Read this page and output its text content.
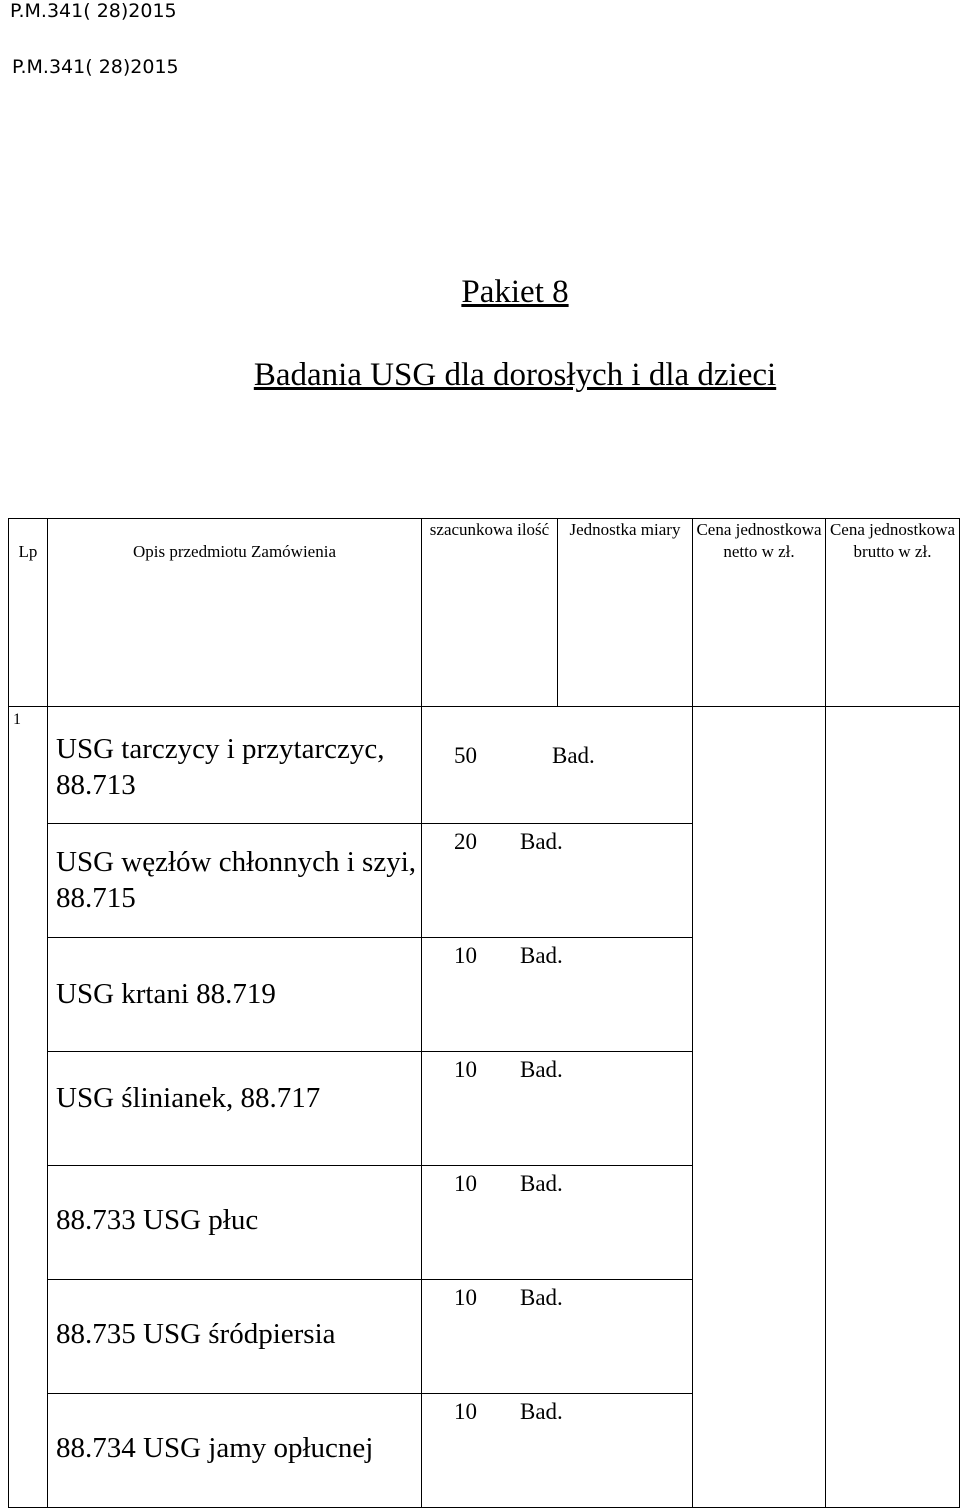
P.M.341( 28)2015
P.M.341( 28)2015
Pakiet 8
Badania USG dla dorosłych i dla dzieci
Lp	Opis przedmiotu Zamówienia	szacunkowa ilość	Jednostka miary	Cena jednostkowa netto w zł.	Cena jednostkowa brutto w zł.
1	USG tarczycy i przytarczyc, 88.713	50 Bad.			
	USG węzłów chłonnych i szyi, 88.715	20 Bad.			
	USG krtani 88.719	10 Bad.			
	USG ślinianek, 88.717	10 Bad.			
	88.733 USG płuc	10 Bad.			
	88.735 USG śródpiersia	10 Bad.			
	88.734 USG jamy opłucnej	10 Bad.			
